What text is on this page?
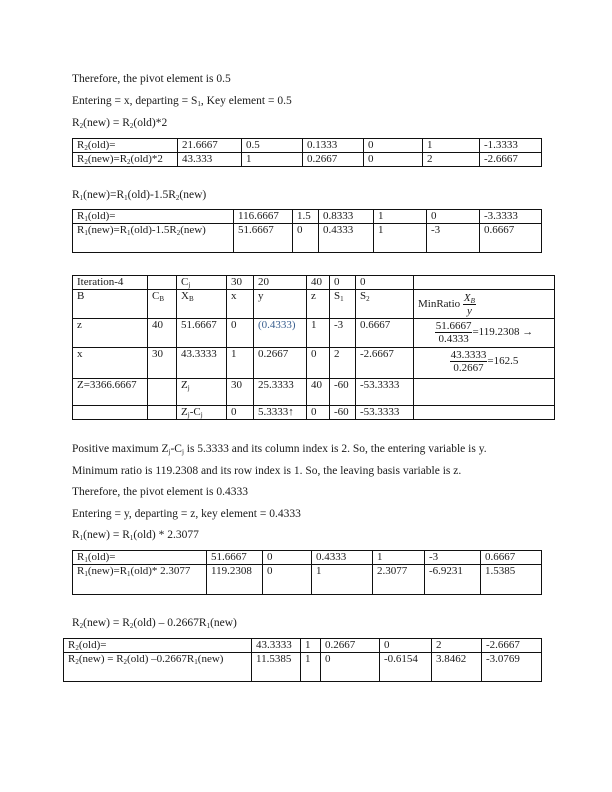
Therefore, the pivot element is 0.5
Entering = x, departing = $S_1$, Key element = 0.5
$R_2(new) = R_2(old)*2$
$R_2(old)=$	21.6667	0.5	0.1333	0	1	-1.3333
$R_2(new)=R_2(old)*2$	43.333	1	0.2667	0	2	-2.6667
$R_1(new)=R_1(old)-1.5R_2(new)$
$R_1(old)=$	116.6667	1.5	0.8333	1	0	-3.3333
$R_1(new)=R_1(old)-1.5R_2(new)$	51.6667	0	0.4333	1	-3	0.6667
Iteration-4		$C_j$	30	20	40	0	0	
B	$C_B$	$X_B$	x	y	z	$S_1$	$S_2$	MinRatio $\frac{X_B}{y}$

z	40	51.6667	0	(0.4333)	1	-3	0.6667	$\frac{51.6667}{0.4333} =119.2308$ →
x	30	43.3333	1	0.2667	0	2	-2.6667	$\frac{43.3333}{0.2667} =162.5$
Z=3366.6667		$Z_j$	30	25.3333	40	-60	-53.3333	
		$Z_j-C_j$	0	5.3333↑	0	-60	-53.3333	
Positive maximum $Z_j-C_j$ is 5.3333 and its column index is 2. So, the entering variable is y.
Minimum ratio is 119.2308 and its row index is 1. So, the leaving basis variable is z.
Therefore, the pivot element is 0.4333
Entering = y, departing = z, key element = 0.4333
$R_1(new) = R_1(old) * 2.3077$
$R_1(old)=$	51.6667	0	0.4333	1	-3	0.6667
$R_1(new)=R_1(old)*$ 2.3077	119.2308	0	1	2.3077	-6.9231	1.5385
$R_2(new) = R_2(old) - 0.2667R_1(new)$
$R_2(old)=$	43.3333	1	0.2667	0	2	-2.6667
$R_2(new) = R_2(old)$ $-0.2667R_1(new)$	11.5385	1	0	-0.6154	3.8462	-3.0769
